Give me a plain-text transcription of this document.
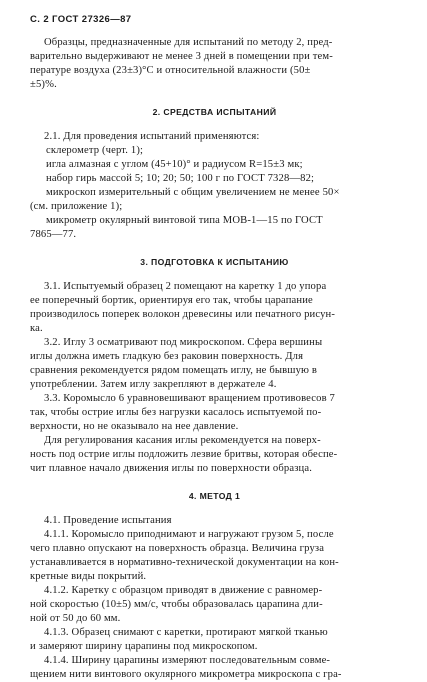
С. 2 ГОСТ 27326—87
Образцы, предназначенные для испытаний по методу 2, пред-
варительно выдерживают не менее 3 дней в помещении при тем-
пературе воздуха (23±3)°С и относительной влажности (50±
±5)%.
2. СРЕДСТВА ИСПЫТАНИЙ
2.1. Для проведения испытаний применяются:
склерометр (черт. 1);
игла алмазная с углом (45+10)° и радиусом R=15±3 мк;
набор гирь массой 5; 10; 20; 50; 100 г по ГОСТ 7328—82;
микроскоп измерительный с общим увеличением не менее 50×
(см. приложение 1);
микрометр окулярный винтовой типа МОВ-1—15 по ГОСТ
7865—77.
3. ПОДГОТОВКА К ИСПЫТАНИЮ
3.1. Испытуемый образец 2 помещают на каретку 1 до упора
ее поперечный бортик, ориентируя его так, чтобы царапание
производилось поперек волокон древесины или печатного рисун-
ка.
3.2. Иглу 3 осматривают под микроскопом. Сфера вершины
иглы должна иметь гладкую без раковин поверхность. Для
сравнения рекомендуется рядом помещать иглу, не бывшую в
употреблении. Затем иглу закрепляют в держателе 4.
3.3. Коромысло 6 уравновешивают вращением противовесов 7
так, чтобы острие иглы без нагрузки касалось испытуемой по-
верхности, но не оказывало на нее давление.
Для регулирования касания иглы рекомендуется на поверх-
ность под острие иглы подложить лезвие бритвы, которая обеспе-
чит плавное начало движения иглы по поверхности образца.
4. МЕТОД 1
4.1. Проведение испытания
4.1.1. Коромысло приподнимают и нагружают грузом 5, после
чего плавно опускают на поверхность образца. Величина груза
устанавливается в нормативно-технической документации на кон-
кретные виды покрытий.
4.1.2. Каретку с образцом приводят в движение с равномер-
ной скоростью (10±5) мм/с, чтобы образовалась царапина дли-
ной от 50 до 60 мм.
4.1.3. Образец снимают с каретки, протирают мягкой тканью
и замеряют ширину царапины под микроскопом.
4.1.4. Ширину царапины измеряют последовательным совме-
щением нити винтового окулярного микрометра микроскопа с гра-
